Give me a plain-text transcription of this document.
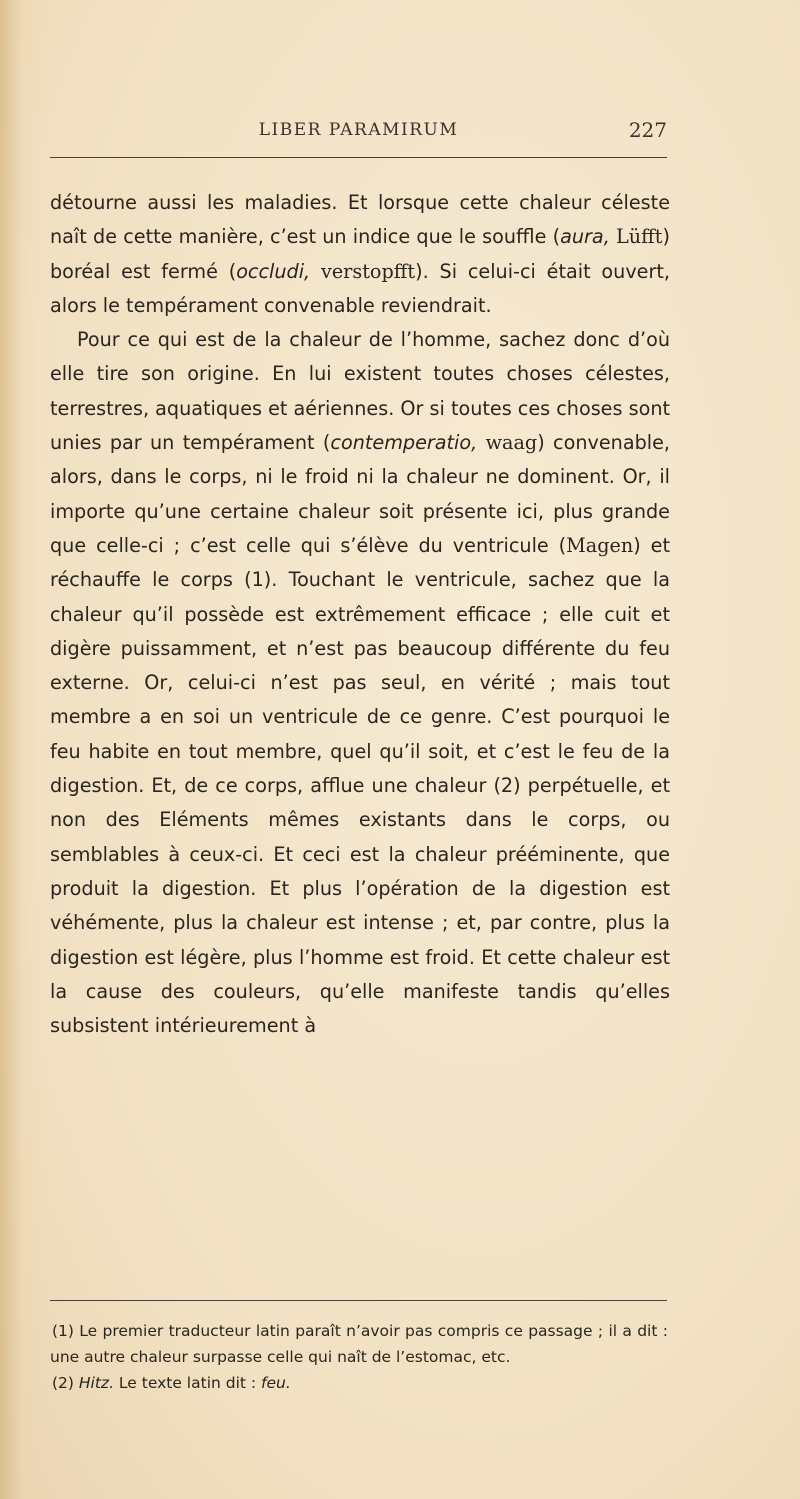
LIBER PARAMIRUM	227

détourne aussi les maladies. Et lorsque cette chaleur céleste naît de cette manière, c’est un indice que le souffle (aura, Lüfft) boréal est fermé (occludi, verstopfft). Si celui-ci était ouvert, alors le tempérament convenable reviendrait.

Pour ce qui est de la chaleur de l’homme, sachez donc d’où elle tire son origine. En lui existent toutes choses célestes, terrestres, aquatiques et aériennes. Or si toutes ces choses sont unies par un tempérament (contemperatio, waag) convenable, alors, dans le corps, ni le froid ni la chaleur ne dominent. Or, il importe qu’une certaine chaleur soit présente ici, plus grande que celle-ci ; c’est celle qui s’élève du ventricule (Magen) et réchauffe le corps (1). Touchant le ventricule, sachez que la chaleur qu’il possède est extrêmement efficace ; elle cuit et digère puissamment, et n’est pas beaucoup différente du feu externe. Or, celui-ci n’est pas seul, en vérité ; mais tout membre a en soi un ventricule de ce genre. C’est pourquoi le feu habite en tout membre, quel qu’il soit, et c’est le feu de la digestion. Et, de ce corps, afflue une chaleur (2) perpétuelle, et non des Eléments mêmes existants dans le corps, ou semblables à ceux-ci. Et ceci est la chaleur prééminente, que produit la digestion. Et plus l’opération de la digestion est véhémente, plus la chaleur est intense ; et, par contre, plus la digestion est légère, plus l’homme est froid. Et cette chaleur est la cause des couleurs, qu’elle manifeste tandis qu’elles subsistent intérieurement à

(1) Le premier traducteur latin paraît n’avoir pas compris ce passage ; il a dit : une autre chaleur surpasse celle qui naît de l’estomac, etc.

(2) Hitz. Le texte latin dit : feu.
